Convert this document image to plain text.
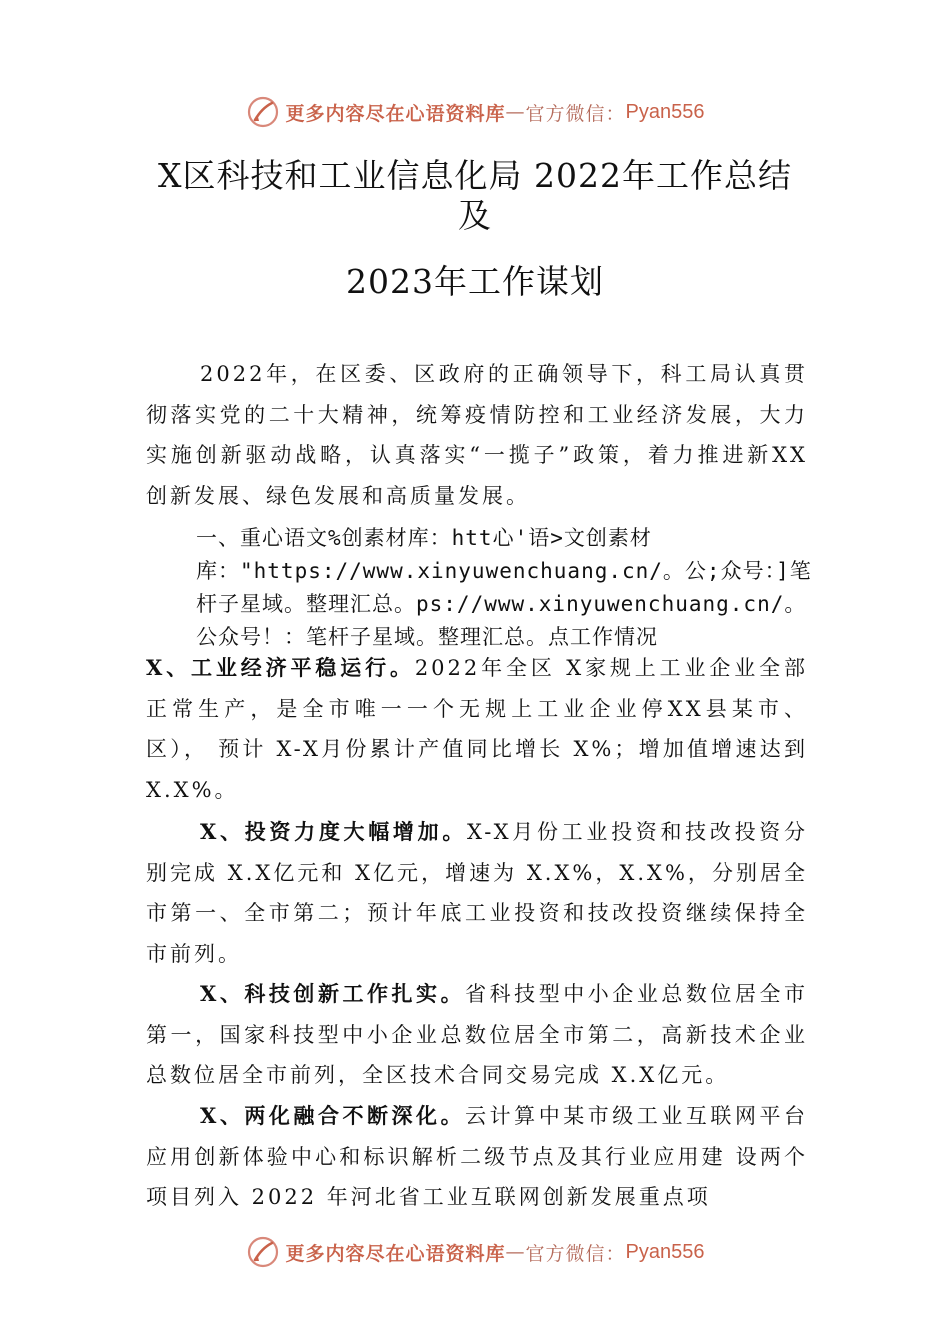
更多内容尽在心语资料库 — 官方微信： Pyan556
X区科技和工业信息化局 2022年工作总结
及
2023年工作谋划

2022年，在区委、区政府的正确领导下，科工局认真贯彻落实党的二十大精神，统筹疫情防控和工业经济发展，大力实施创新驱动战略，认真落实“一揽子”政策，着力推进新XX创新发展、绿色发展和高质量发展。

一、重心语文%创素材库：htt心'语>文创素材库："https://www.xinyuwenchuang.cn/。公;众号：]笔杆子星域。整理汇总。ps://www.xinyuwenchuang.cn/。公众号！：笔杆子星域。整理汇总。点工作情况

X、工业经济平稳运行。2022年全区 X家规上工业企业全部正常生产，是全市唯一一个无规上工业企业停XX县某市、区）， 预计 X-X月份累计产值同比增长 X%；增加值增速达到 X.X%。

X、投资力度大幅增加。X-X月份工业投资和技改投资分别完成 X.X亿元和 X亿元，增速为 X.X%，X.X%，分别居全市第一、全市第二；预计年底工业投资和技改投资继续保持全市前列。

X、科技创新工作扎实。省科技型中小企业总数位居全市第一，国家科技型中小企业总数位居全市第二，高新技术企业总数位居全市前列，全区技术合同交易完成 X.X亿元。

X、两化融合不断深化。云计算中某市级工业互联网平台应用创新体验中心和标识解析二级节点及其行业应用建 设两个项目列入 2022 年河北省工业互联网创新发展重点项

更多内容尽在心语资料库 — 官方微信： Pyan556
